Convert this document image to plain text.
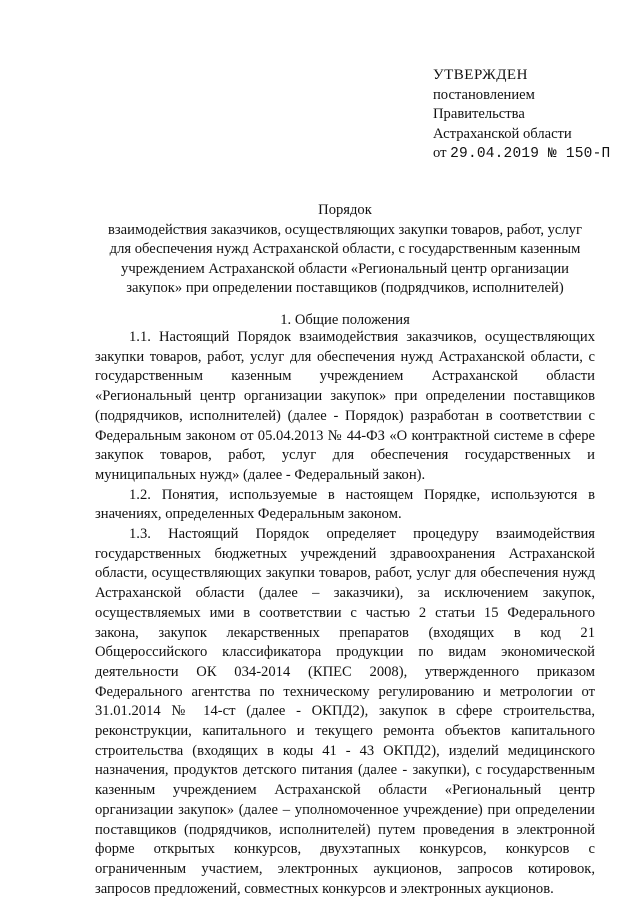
УТВЕРЖДЕН
постановлением
Правительства
Астраханской области
от 29.04.2019 № 150-П
Порядок
взаимодействия заказчиков, осуществляющих закупки товаров, работ, услуг
для обеспечения нужд Астраханской области, с государственным казенным
учреждением Астраханской области «Региональный центр организации
закупок» при определении поставщиков (подрядчиков, исполнителей)
1. Общие положения

1.1. Настоящий Порядок взаимодействия заказчиков, осуществляющих закупки товаров, работ, услуг для обеспечения нужд Астраханской области, с государственным казенным учреждением Астраханской области «Региональный центр организации закупок» при определении поставщиков (подрядчиков, исполнителей) (далее - Порядок) разработан в соответствии с Федеральным законом от 05.04.2013 № 44-ФЗ «О контрактной системе в сфере закупок товаров, работ, услуг для обеспечения государственных и муниципальных нужд» (далее - Федеральный закон).

1.2. Понятия, используемые в настоящем Порядке, используются в значениях, определенных Федеральным законом.

1.3. Настоящий Порядок определяет процедуру взаимодействия государственных бюджетных учреждений здравоохранения Астраханской области, осуществляющих закупки товаров, работ, услуг для обеспечения нужд Астраханской области (далее – заказчики), за исключением закупок, осуществляемых ими в соответствии с частью 2 статьи 15 Федерального закона, закупок лекарственных препаратов (входящих в код 21 Общероссийского классификатора продукции по видам экономической деятельности ОК 034-2014 (КПЕС 2008), утвержденного приказом Федерального агентства по техническому регулированию и метрологии от 31.01.2014 № 14-ст (далее - ОКПД2), закупок в сфере строительства, реконструкции, капитального и текущего ремонта объектов капитального строительства (входящих в коды 41 - 43 ОКПД2), изделий медицинского назначения, продуктов детского питания (далее - закупки), с государственным казенным учреждением Астраханской области «Региональный центр организации закупок» (далее – уполномоченное учреждение) при определении поставщиков (подрядчиков, исполнителей) путем проведения в электронной форме открытых конкурсов, двухэтапных конкурсов, конкурсов с ограниченным участием, электронных аукционов, запросов котировок, запросов предложений, совместных конкурсов и электронных аукционов.
